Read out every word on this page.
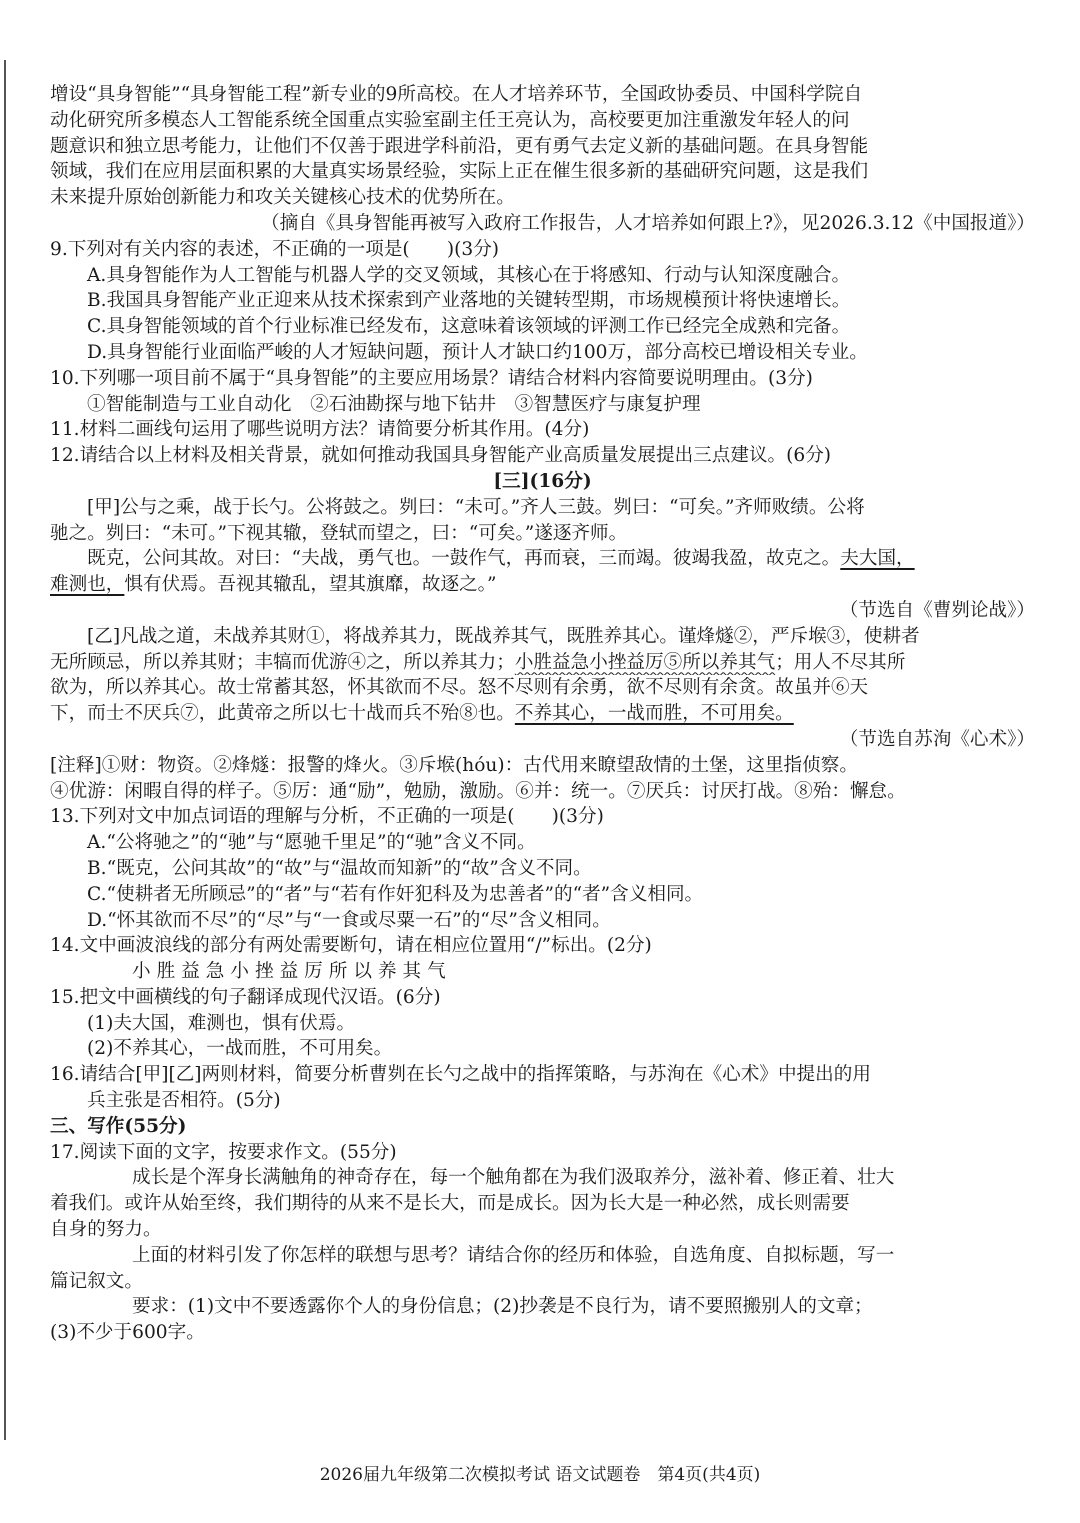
增设“具身智能”“具身智能工程”新专业的9所高校。在人才培养环节，全国政协委员、中国科学院自
动化研究所多模态人工智能系统全国重点实验室副主任王亮认为，高校要更加注重激发年轻人的问
题意识和独立思考能力，让他们不仅善于跟进学科前沿，更有勇气去定义新的基础问题。在具身智能
领域，我们在应用层面积累的大量真实场景经验，实际上正在催生很多新的基础研究问题，这是我们
未来提升原始创新能力和攻关关键核心技术的优势所在。
（摘自《具身智能再被写入政府工作报告，人才培养如何跟上?》，见2026.3.12《中国报道》）
9.下列对有关内容的表述，不正确的一项是(　　)(3分)
A.具身智能作为人工智能与机器人学的交叉领域，其核心在于将感知、行动与认知深度融合。
B.我国具身智能产业正迎来从技术探索到产业落地的关键转型期，市场规模预计将快速增长。
C.具身智能领域的首个行业标准已经发布，这意味着该领域的评测工作已经完全成熟和完备。
D.具身智能行业面临严峻的人才短缺问题，预计人才缺口约100万，部分高校已增设相关专业。
10.下列哪一项目前不属于“具身智能”的主要应用场景？请结合材料内容简要说明理由。(3分)
①智能制造与工业自动化　②石油勘探与地下钻井　③智慧医疗与康复护理
11.材料二画线句运用了哪些说明方法？请简要分析其作用。(4分)
12.请结合以上材料及相关背景，就如何推动我国具身智能产业高质量发展提出三点建议。(6分)
[三](16分)
[甲]公与之乘，战于长勺。公将鼓之。刿曰：“未可。”齐人三鼓。刿曰：“可矣。”齐师败绩。公将
驰之。刿曰：“未可。”下视其辙，登轼而望之，曰：“可矣。”遂逐齐师。
既克，公问其故。对曰：“夫战，勇气也。一鼓作气，再而衰，三而竭。彼竭我盈，故克之。夫大国，
难测也，惧有伏焉。吾视其辙乱，望其旗靡，故逐之。”
（节选自《曹刿论战》）
[乙]凡战之道，未战养其财①，将战养其力，既战养其气，既胜养其心。谨烽燧②，严斥堠③，使耕者
无所顾忌，所以养其财；丰犒而优游④之，所以养其力；小胜益急小挫益厉⑤所以养其气；用人不尽其所
欲为，所以养其心。故士常蓄其怒，怀其欲而不尽。怒不尽则有余勇，欲不尽则有余贪。故虽并⑥天
下，而士不厌兵⑦，此黄帝之所以七十战而兵不殆⑧也。不养其心，一战而胜，不可用矣。
（节选自苏洵《心术》）
[注释]①财：物资。②烽燧：报警的烽火。③斥堠(hóu)：古代用来瞭望敌情的土堡，这里指侦察。
④优游：闲暇自得的样子。⑤厉：通“励”，勉励，激励。⑥并：统一。⑦厌兵：讨厌打战。⑧殆：懈怠。
13.下列对文中加点词语的理解与分析，不正确的一项是(　　)(3分)
A.“公将驰之”的“驰”与“愿驰千里足”的“驰”含义不同。
B.“既克，公问其故”的“故”与“温故而知新”的“故”含义不同。
C.“使耕者无所顾忌”的“者”与“若有作奸犯科及为忠善者”的“者”含义相同。
D.“怀其欲而不尽”的“尽”与“一食或尽粟一石”的“尽”含义相同。
14.文中画波浪线的部分有两处需要断句，请在相应位置用“/”标出。(2分)
小胜益急小挫益厉所以养其气
15.把文中画横线的句子翻译成现代汉语。(6分)
(1)夫大国，难测也，惧有伏焉。
(2)不养其心，一战而胜，不可用矣。
16.请结合[甲][乙]两则材料，简要分析曹刿在长勺之战中的指挥策略，与苏洵在《心术》中提出的用
兵主张是否相符。(5分)
三、写作(55分)
17.阅读下面的文字，按要求作文。(55分)
成长是个浑身长满触角的神奇存在，每一个触角都在为我们汲取养分，滋补着、修正着、壮大
着我们。或许从始至终，我们期待的从来不是长大，而是成长。因为长大是一种必然，成长则需要
自身的努力。
上面的材料引发了你怎样的联想与思考？请结合你的经历和体验，自选角度、自拟标题，写一
篇记叙文。
要求：(1)文中不要透露你个人的身份信息；(2)抄袭是不良行为，请不要照搬别人的文章；
(3)不少于600字。
2026届九年级第二次模拟考试 语文试题卷　第4页(共4页)
